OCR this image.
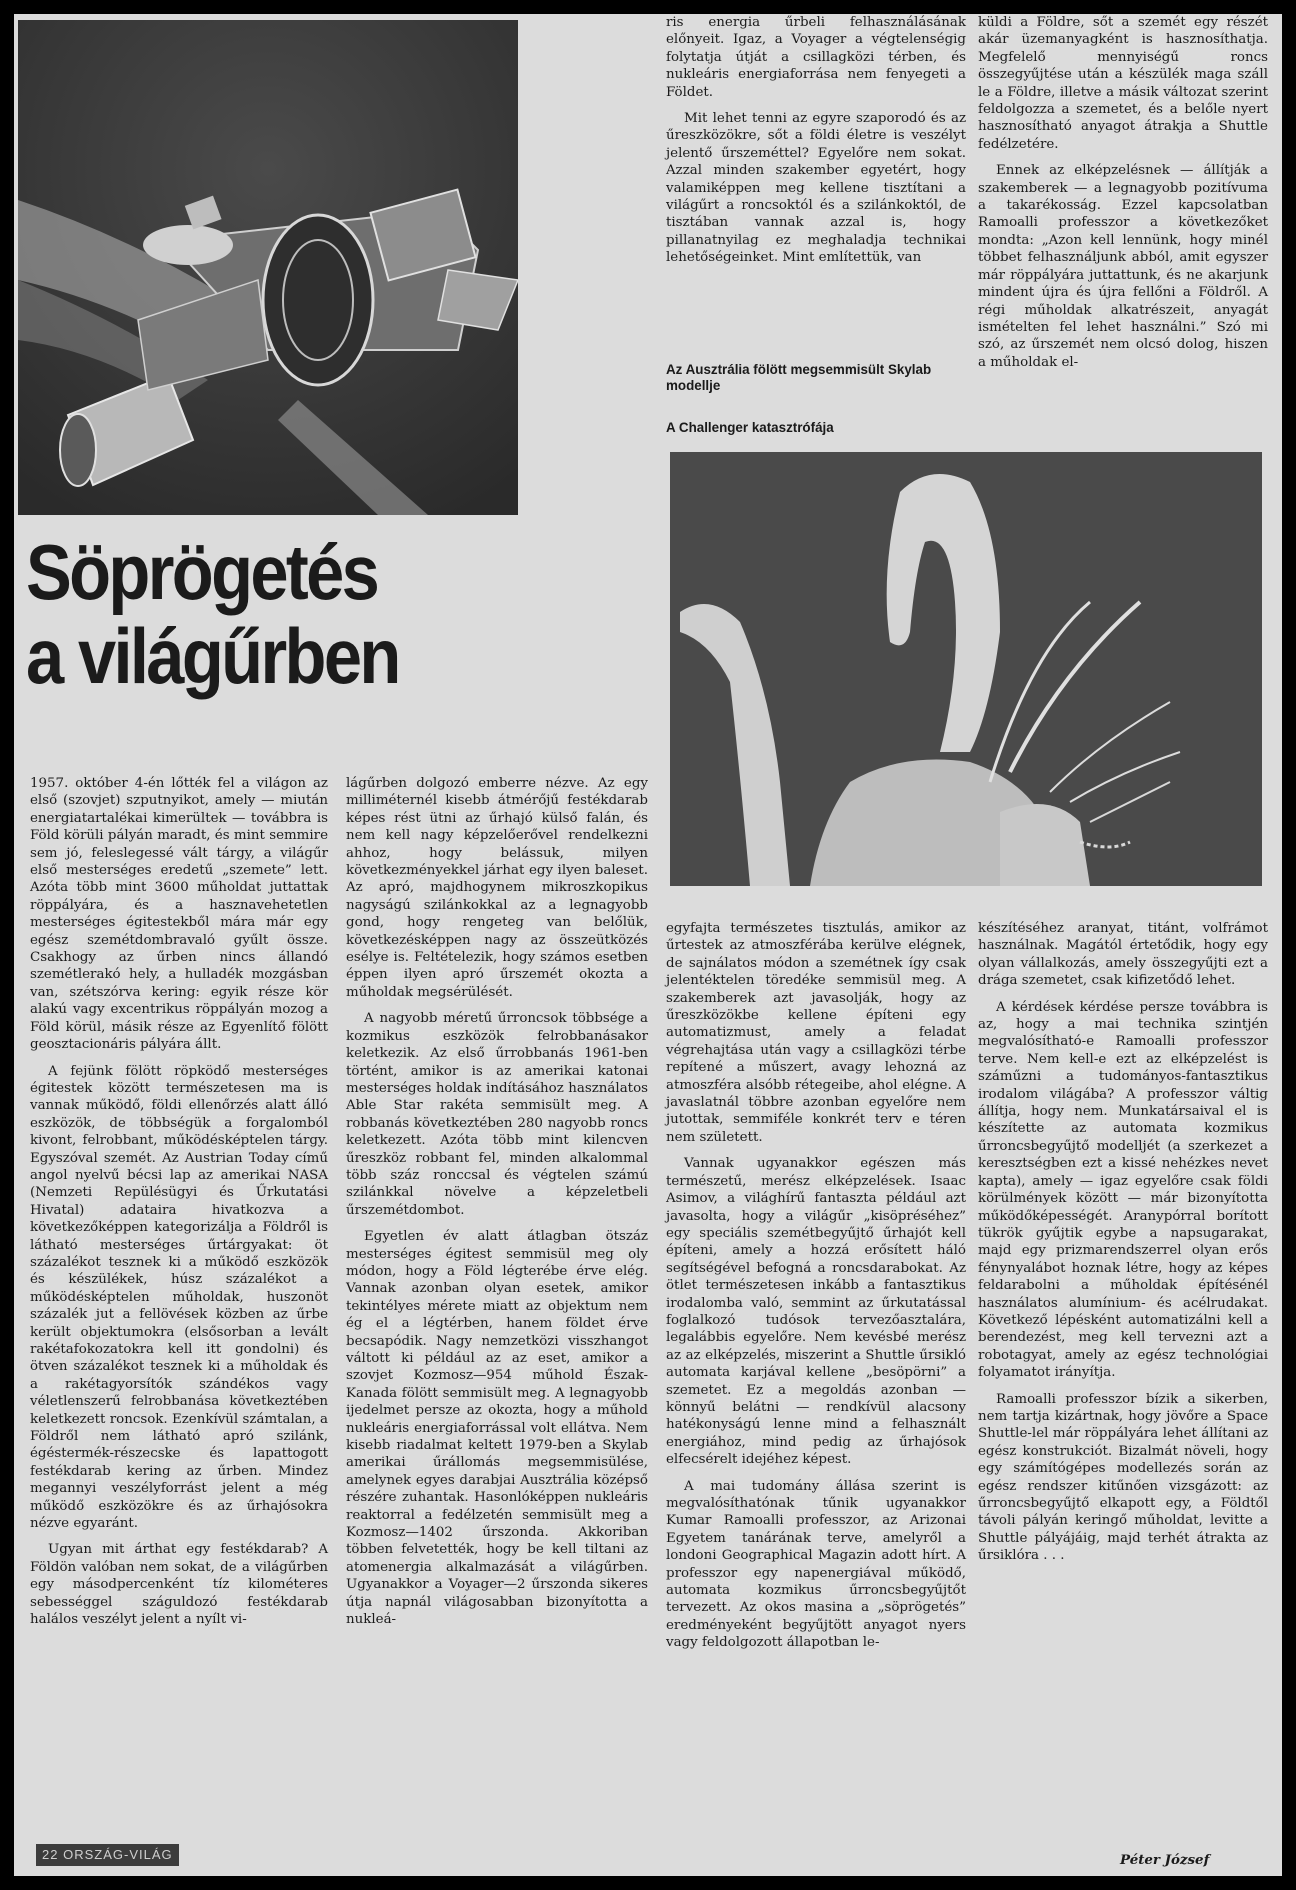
Söprögetés
a világűrben

1957. október 4-én lőtték fel a világon az első (szovjet) szputnyikot, amely — miután energiatartalékai kimerültek — továbbra is Föld körüli pályán maradt, és mint semmire sem jó, feleslegessé vált tárgy, a világűr első mesterséges eredetű „szemete” lett. Azóta több mint 3600 műholdat juttattak röppályára, és a hasznavehetetlen mesterséges égitestekből mára már egy egész szemétdombravaló gyűlt össze. Csakhogy az űrben nincs állandó szemétlerakó hely, a hulladék mozgásban van, szétszórva kering: egyik része kör alakú vagy excentrikus röppályán mozog a Föld körül, másik része az Egyenlítő fölött geosztacionáris pályára állt.

A fejünk fölött röpködő mesterséges égitestek között természetesen ma is vannak működő, földi ellenőrzés alatt álló eszközök, de többségük a forgalomból kivont, felrobbant, működésképtelen tárgy. Egyszóval szemét. Az Austrian Today című angol nyelvű bécsi lap az amerikai NASA (Nemzeti Repülésügyi és Űrkutatási Hivatal) adataira hivatkozva a következőképpen kategorizálja a Földről is látható mesterséges űrtárgyakat: öt százalékot tesznek ki a működő eszközök és készülékek, húsz százalékot a működésképtelen műholdak, huszonöt százalék jut a fellövések közben az űrbe került objektumokra (elsősorban a levált rakétafokozatokra kell itt gondolni) és ötven százalékot tesznek ki a műholdak és a rakétagyorsítók szándékos vagy véletlenszerű felrobbanása következtében keletkezett roncsok. Ezenkívül számtalan, a Földről nem látható apró szilánk, égéstermék-részecske és lapattogott festékdarab kering az űrben. Mindez megannyi veszélyforrást jelent a még működő eszközökre és az űrhajósokra nézve egyaránt.

Ugyan mit árthat egy festékdarab? A Földön valóban nem sokat, de a világűrben egy másodpercenként tíz kilométeres sebességgel száguldozó festékdarab halálos veszélyt jelent a nyílt vi-

lágűrben dolgozó emberre nézve. Az egy milliméternél kisebb átmérőjű festékdarab képes rést ütni az űrhajó külső falán, és nem kell nagy képzelőerővel rendelkezni ahhoz, hogy belássuk, milyen következményekkel járhat egy ilyen baleset. Az apró, majdhogynem mikroszkopikus nagyságú szilánkokkal az a legnagyobb gond, hogy rengeteg van belőlük, következésképpen nagy az összeütközés esélye is. Feltételezik, hogy számos esetben éppen ilyen apró űrszemét okozta a műholdak megsérülését.

A nagyobb méretű űrroncsok többsége a kozmikus eszközök felrobbanásakor keletkezik. Az első űrrobbanás 1961-ben történt, amikor is az amerikai katonai mesterséges holdak indításához használatos Able Star rakéta semmisült meg. A robbanás következtében 280 nagyobb roncs keletkezett. Azóta több mint kilencven űreszköz robbant fel, minden alkalommal több száz ronccsal és végtelen számú szilánkkal növelve a képzeletbeli űrszemétdombot.

Egyetlen év alatt átlagban ötszáz mesterséges égitest semmisül meg oly módon, hogy a Föld légterébe érve elég. Vannak azonban olyan esetek, amikor tekintélyes mérete miatt az objektum nem ég el a légtérben, hanem földet érve becsapódik. Nagy nemzetközi visszhangot váltott ki például az az eset, amikor a szovjet Kozmosz—954 műhold Észak-Kanada fölött semmisült meg. A legnagyobb ijedelmet persze az okozta, hogy a műhold nukleáris energiaforrással volt ellátva. Nem kisebb riadalmat keltett 1979-ben a Skylab amerikai űrállomás megsemmisülése, amelynek egyes darabjai Ausztrália középső részére zuhantak. Hasonlóképpen nukleáris reaktorral a fedélzetén semmisült meg a Kozmosz—1402 űrszonda. Akkoriban többen felvetették, hogy be kell tiltani az atomenergia alkalmazását a világűrben. Ugyanakkor a Voyager—2 űrszonda sikeres útja napnál világosabban bizonyította a nukleá-

ris energia űrbeli felhasználásának előnyeit. Igaz, a Voyager a végtelenségig folytatja útját a csillagközi térben, és nukleáris energiaforrása nem fenyegeti a Földet.

Mit lehet tenni az egyre szaporodó és az űreszközökre, sőt a földi életre is veszélyt jelentő űrszeméttel? Egyelőre nem sokat. Azzal minden szakember egyetért, hogy valamiképpen meg kellene tisztítani a világűrt a roncsoktól és a szilánkoktól, de tisztában vannak azzal is, hogy pillanatnyilag ez meghaladja technikai lehetőségeinket. Mint említettük, van

Az Ausztrália fölött megsemmisült Skylab modellje
A Challenger katasztrófája

küldi a Földre, sőt a szemét egy részét akár üzemanyagként is hasznosíthatja. Megfelelő mennyiségű roncs összegyűjtése után a készülék maga száll le a Földre, illetve a másik változat szerint feldolgozza a szemetet, és a belőle nyert hasznosítható anyagot átrakja a Shuttle fedélzetére.

Ennek az elképzelésnek — állítják a szakemberek — a legnagyobb pozitívuma a takarékosság. Ezzel kapcsolatban Ramoalli professzor a következőket mondta: „Azon kell lennünk, hogy minél többet felhasználjunk abból, amit egyszer már röppályára juttattunk, és ne akarjunk mindent újra és újra fellőni a Földről. A régi műholdak alkatrészeit, anyagát ismételten fel lehet használni.” Szó mi szó, az űrszemét nem olcsó dolog, hiszen a műholdak el-

egyfajta természetes tisztulás, amikor az űrtestek az atmoszférába kerülve elégnek, de sajnálatos módon a szemétnek így csak jelentéktelen töredéke semmisül meg. A szakemberek azt javasolják, hogy az űreszközökbe kellene építeni egy automatizmust, amely a feladat végrehajtása után vagy a csillagközi térbe repítené a műszert, avagy lehozná az atmoszféra alsóbb rétegeibe, ahol elégne. A javaslatnál többre azonban egyelőre nem jutottak, semmiféle konkrét terv e téren nem született.

Vannak ugyanakkor egészen más természetű, merész elképzelések. Isaac Asimov, a világhírű fantaszta például azt javasolta, hogy a világűr „kisöpréséhez” egy speciális szemétbegyűjtő űrhajót kell építeni, amely a hozzá erősített háló segítségével befogná a roncsdarabokat. Az ötlet természetesen inkább a fantasztikus irodalomba való, semmint az űrkutatással foglalkozó tudósok tervezőasztalára, legalábbis egyelőre. Nem kevésbé merész az az elképzelés, miszerint a Shuttle űrsikló automata karjával kellene „besöpörni” a szemetet. Ez a megoldás azonban — könnyű belátni — rendkívül alacsony hatékonyságú lenne mind a felhasznált energiához, mind pedig az űrhajósok elfecsérelt idejéhez képest.

A mai tudomány állása szerint is megvalósíthatónak tűnik ugyanakkor Kumar Ramoalli professzor, az Arizonai Egyetem tanárának terve, amelyről a londoni Geographical Magazin adott hírt. A professzor egy napenergiával működő, automata kozmikus űrroncsbegyűjtőt tervezett. Az okos masina a „söprögetés” eredményeként begyűjtött anyagot nyers vagy feldolgozott állapotban le-

készítéséhez aranyat, titánt, volfrámot használnak. Magától értetődik, hogy egy olyan vállalkozás, amely összegyűjti ezt a drága szemetet, csak kifizetődő lehet.

A kérdések kérdése persze továbbra is az, hogy a mai technika szintjén megvalósítható-e Ramoalli professzor terve. Nem kell-e ezt az elképzelést is száműzni a tudományos-fantasztikus irodalom világába? A professzor váltig állítja, hogy nem. Munkatársaival el is készítette az automata kozmikus űrroncsbegyűjtő modelljét (a szerkezet a keresztségben ezt a kissé nehézkes nevet kapta), amely — igaz egyelőre csak földi körülmények között — már bizonyította működőképességét. Aranypórral borított tükrök gyűjtik egybe a napsugarakat, majd egy prizmarendszerrel olyan erős fénynyalábot hoznak létre, hogy az képes feldarabolni a műholdak építésénél használatos alumínium- és acélrudakat. Következő lépésként automatizálni kell a berendezést, meg kell tervezni azt a robotagyat, amely az egész technológiai folyamatot irányítja.

Ramoalli professzor bízik a sikerben, nem tartja kizártnak, hogy jövőre a Space Shuttle-lel már röppályára lehet állítani az egész konstrukciót. Bizalmát növeli, hogy egy számítógépes modellezés során az egész rendszer kitűnően vizsgázott: az űrroncsbegyűjtő elkapott egy, a Földtől távoli pályán keringő műholdat, levitte a Shuttle pályájáig, majd terhét átrakta az űrsiklóra . . .

Péter József
22 ORSZÁG-VILÁG
